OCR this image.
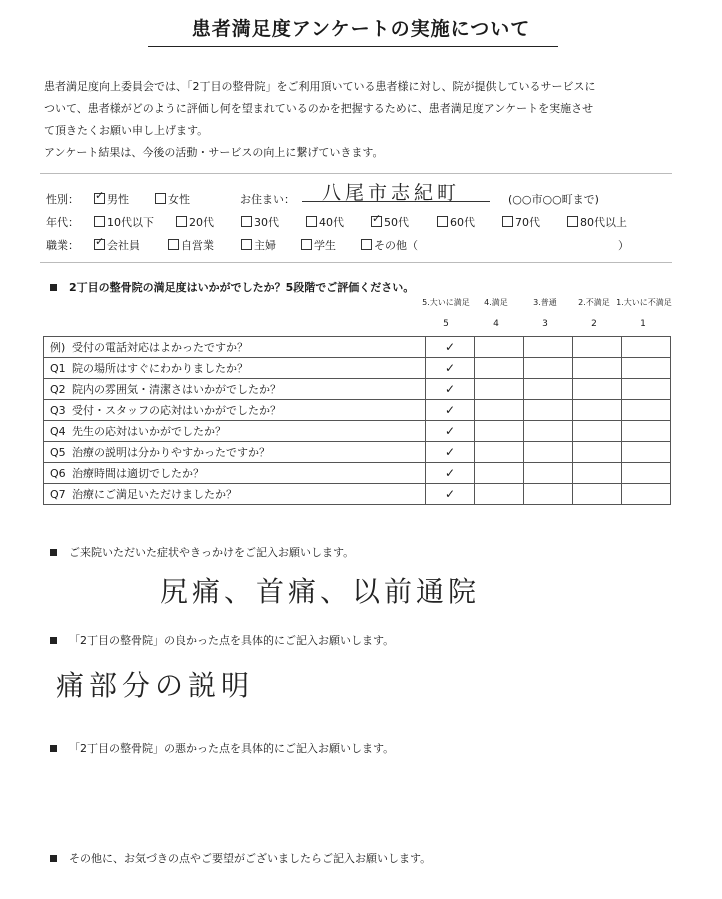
患者満足度アンケートの実施について

患者満足度向上委員会では、「2丁目の整骨院」をご利用頂いている患者様に対し、院が提供しているサービスに

ついて、患者様がどのように評価し何を望まれているのかを把握するために、患者満足度アンケートを実施させ

て頂きたくお願い申し上げます。

アンケート結果は、今後の活動・サービスの向上に繋げていきます。

性別： ✓	男性	女性	お住まい：	八尾市志紀町	(○○市○○町まで)
年代：	10代以下	20代	30代	40代 ✓	50代	60代	70代	80代以上
職業： ✓	会社員	自営業	主婦	学生	その他（	）
2丁目の整骨院の満足度はいかがでしたか？5段階でご評価ください。
5.大いに満足	4.満足	3.普通	2.不満足 1.大いに不満足
5	4	3	2	1
例) 受付の電話対応はよかったですか？	✓				
Q1 院の場所はすぐにわかりましたか？	✓				
Q2 院内の雰囲気・清潔さはいかがでしたか？	✓				
Q3 受付・スタッフの応対はいかがでしたか？	✓				
Q4 先生の応対はいかがでしたか？	✓				
Q5 治療の説明は分かりやすかったですか？	✓				
Q6 治療時間は適切でしたか？	✓				
Q7 治療にご満足いただけましたか？	✓				
ご来院いただいた症状やきっかけをご記入お願いします。
尻痛、首痛、以前通院
「2丁目の整骨院」の良かった点を具体的にご記入お願いします。
痛部分の説明
「2丁目の整骨院」の悪かった点を具体的にご記入お願いします。
その他に、お気づきの点やご要望がございましたらご記入お願いします。
